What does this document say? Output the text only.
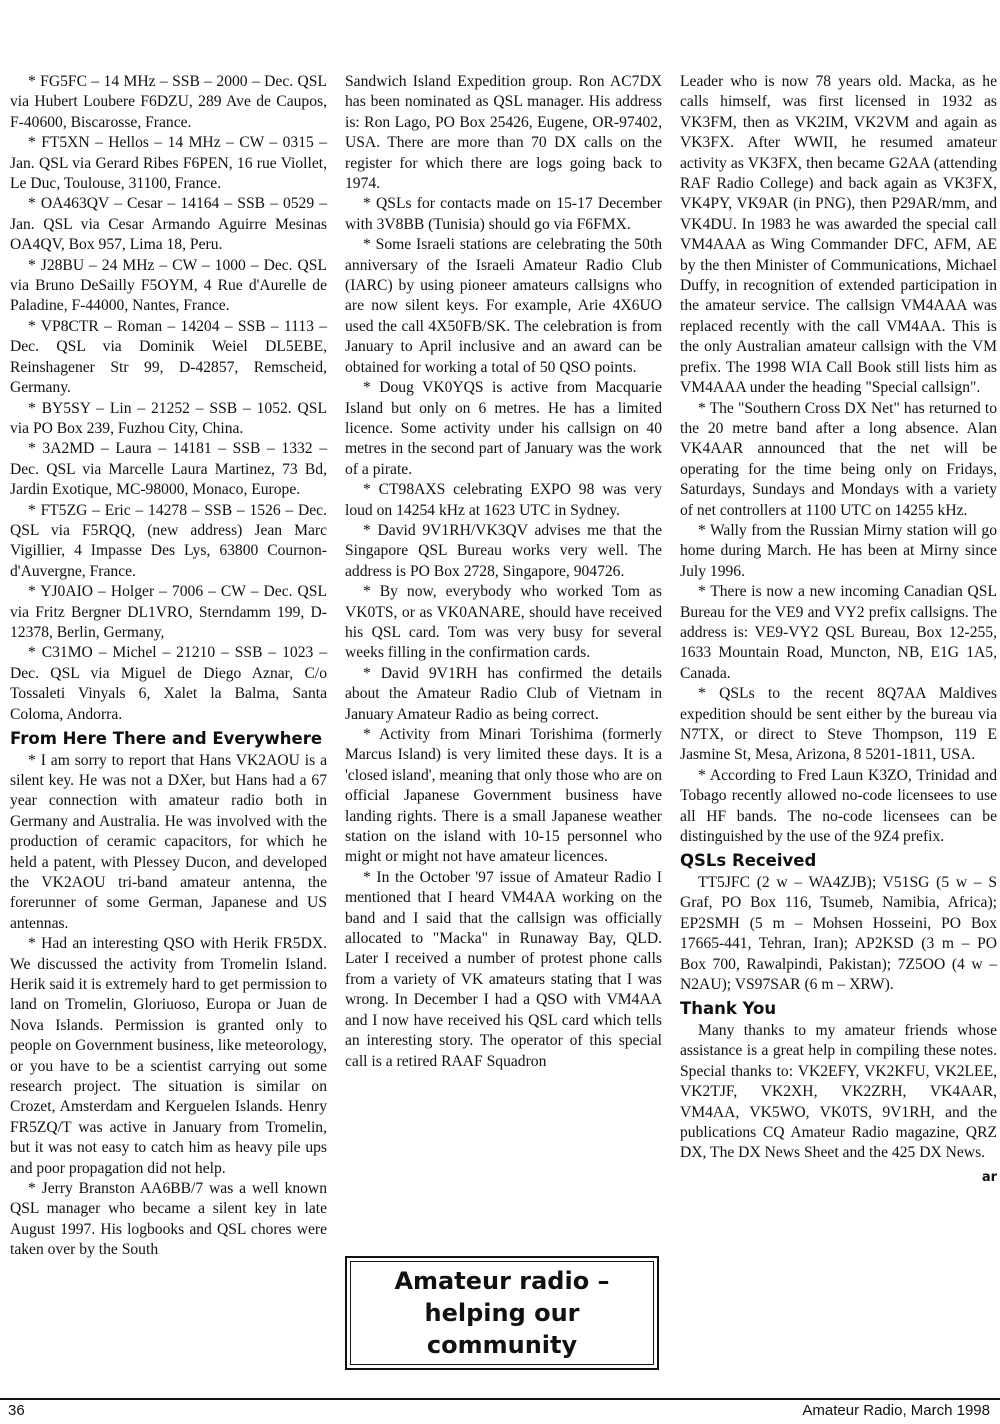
* FG5FC – 14 MHz – SSB – 2000 – Dec. QSL via Hubert Loubere F6DZU, 289 Ave de Caupos, F-40600, Biscarosse, France.

* FT5XN – Hellos – 14 MHz – CW – 0315 – Jan. QSL via Gerard Ribes F6PEN, 16 rue Viollet, Le Duc, Toulouse, 31100, France.

* OA463QV – Cesar – 14164 – SSB – 0529 – Jan. QSL via Cesar Armando Aguirre Mesinas OA4QV, Box 957, Lima 18, Peru.

* J28BU – 24 MHz – CW – 1000 – Dec. QSL via Bruno DeSailly F5OYM, 4 Rue d'Aurelle de Paladine, F-44000, Nantes, France.

* VP8CTR – Roman – 14204 – SSB – 1113 – Dec. QSL via Dominik Weiel DL5EBE, Reinshagener Str 99, D-42857, Remscheid, Germany.

* BY5SY – Lin – 21252 – SSB – 1052. QSL via PO Box 239, Fuzhou City, China.

* 3A2MD – Laura – 14181 – SSB – 1332 – Dec. QSL via Marcelle Laura Martinez, 73 Bd, Jardin Exotique, MC-98000, Monaco, Europe.

* FT5ZG – Eric – 14278 – SSB – 1526 – Dec. QSL via F5RQQ, (new address) Jean Marc Vigillier, 4 Impasse Des Lys, 63800 Cournon-d'Auvergne, France.

* YJ0AIO – Holger – 7006 – CW – Dec. QSL via Fritz Bergner DL1VRO, Sterndamm 199, D-12378, Berlin, Germany,

* C31MO – Michel – 21210 – SSB – 1023 – Dec. QSL via Miguel de Diego Aznar, C/o Tossaleti Vinyals 6, Xalet la Balma, Santa Coloma, Andorra.

From Here There and Everywhere

* I am sorry to report that Hans VK2AOU is a silent key. He was not a DXer, but Hans had a 67 year connection with amateur radio both in Germany and Australia. He was involved with the production of ceramic capacitors, for which he held a patent, with Plessey Ducon, and developed the VK2AOU tri-band amateur antenna, the forerunner of some German, Japanese and US antennas.

* Had an interesting QSO with Herik FR5DX. We discussed the activity from Tromelin Island. Herik said it is extremely hard to get permission to land on Tromelin, Gloriuoso, Europa or Juan de Nova Islands. Permission is granted only to people on Government business, like meteorology, or you have to be a scientist carrying out some research project. The situation is similar on Crozet, Amsterdam and Kerguelen Islands. Henry FR5ZQ/T was active in January from Tromelin, but it was not easy to catch him as heavy pile ups and poor propagation did not help.

* Jerry Branston AA6BB/7 was a well known QSL manager who became a silent key in late August 1997. His logbooks and QSL chores were taken over by the South

Sandwich Island Expedition group. Ron AC7DX has been nominated as QSL manager. His address is: Ron Lago, PO Box 25426, Eugene, OR-97402, USA. There are more than 70 DX calls on the register for which there are logs going back to 1974.

* QSLs for contacts made on 15-17 December with 3V8BB (Tunisia) should go via F6FMX.

* Some Israeli stations are celebrating the 50th anniversary of the Israeli Amateur Radio Club (IARC) by using pioneer amateurs callsigns who are now silent keys. For example, Arie 4X6UO used the call 4X50FB/SK. The celebration is from January to April inclusive and an award can be obtained for working a total of 50 QSO points.

* Doug VK0YQS is active from Macquarie Island but only on 6 metres. He has a limited licence. Some activity under his callsign on 40 metres in the second part of January was the work of a pirate.

* CT98AXS celebrating EXPO 98 was very loud on 14254 kHz at 1623 UTC in Sydney.

* David 9V1RH/VK3QV advises me that the Singapore QSL Bureau works very well. The address is PO Box 2728, Singapore, 904726.

* By now, everybody who worked Tom as VK0TS, or as VK0ANARE, should have received his QSL card. Tom was very busy for several weeks filling in the confirmation cards.

* David 9V1RH has confirmed the details about the Amateur Radio Club of Vietnam in January Amateur Radio as being correct.

* Activity from Minari Torishima (formerly Marcus Island) is very limited these days. It is a 'closed island', meaning that only those who are on official Japanese Government business have landing rights. There is a small Japanese weather station on the island with 10-15 personnel who might or might not have amateur licences.

* In the October '97 issue of Amateur Radio I mentioned that I heard VM4AA working on the band and I said that the callsign was officially allocated to "Macka" in Runaway Bay, QLD. Later I received a number of protest phone calls from a variety of VK amateurs stating that I was wrong. In December I had a QSO with VM4AA and I now have received his QSL card which tells an interesting story. The operator of this special call is a retired RAAF Squadron

Amateur radio – helping our community

Leader who is now 78 years old. Macka, as he calls himself, was first licensed in 1932 as VK3FM, then as VK2IM, VK2VM and again as VK3FX. After WWII, he resumed amateur activity as VK3FX, then became G2AA (attending RAF Radio College) and back again as VK3FX, VK4PY, VK9AR (in PNG), then P29AR/mm, and VK4DU. In 1983 he was awarded the special call VM4AAA as Wing Commander DFC, AFM, AE by the then Minister of Communications, Michael Duffy, in recognition of extended participation in the amateur service. The callsign VM4AAA was replaced recently with the call VM4AA. This is the only Australian amateur callsign with the VM prefix. The 1998 WIA Call Book still lists him as VM4AAA under the heading "Special callsign".

* The "Southern Cross DX Net" has returned to the 20 metre band after a long absence. Alan VK4AAR announced that the net will be operating for the time being only on Fridays, Saturdays, Sundays and Mondays with a variety of net controllers at 1100 UTC on 14255 kHz.

* Wally from the Russian Mirny station will go home during March. He has been at Mirny since July 1996.

* There is now a new incoming Canadian QSL Bureau for the VE9 and VY2 prefix callsigns. The address is: VE9-VY2 QSL Bureau, Box 12-255, 1633 Mountain Road, Muncton, NB, E1G 1A5, Canada.

* QSLs to the recent 8Q7AA Maldives expedition should be sent either by the bureau via N7TX, or direct to Steve Thompson, 119 E Jasmine St, Mesa, Arizona, 8 5201-1811, USA.

* According to Fred Laun K3ZO, Trinidad and Tobago recently allowed no-code licensees to use all HF bands. The no-code licensees can be distinguished by the use of the 9Z4 prefix.

QSLs Received

TT5JFC (2 w – WA4ZJB); V51SG (5 w – S Graf, PO Box 116, Tsumeb, Namibia, Africa); EP2SMH (5 m – Mohsen Hosseini, PO Box 17665-441, Tehran, Iran); AP2KSD (3 m – PO Box 700, Rawalpindi, Pakistan); 7Z5OO (4 w – N2AU); VS97SAR (6 m – XRW).

Thank You

Many thanks to my amateur friends whose assistance is a great help in compiling these notes. Special thanks to: VK2EFY, VK2KFU, VK2LEE, VK2TJF, VK2XH, VK2ZRH, VK4AAR, VM4AA, VK5WO, VK0TS, 9V1RH, and the publications CQ Amateur Radio magazine, QRZ DX, The DX News Sheet and the 425 DX News.

ar
36	Amateur Radio, March 1998
